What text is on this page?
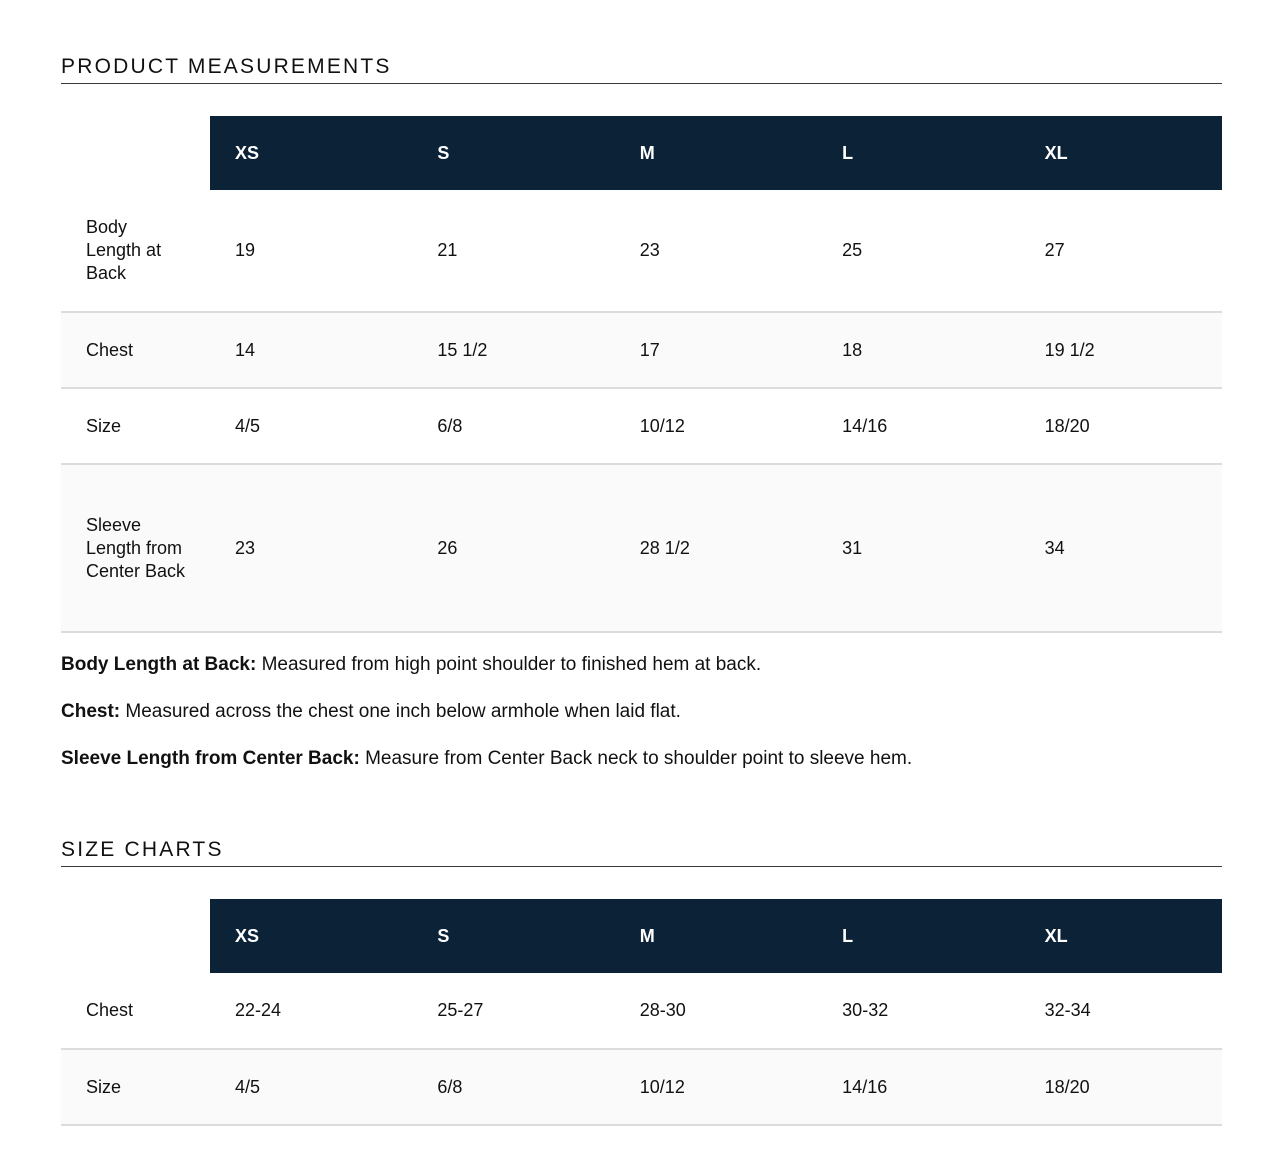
PRODUCT MEASUREMENTS
	XS	S	M	L	XL
Body Length at Back	19	21	23	25	27
Chest	14	15 1/2	17	18	19 1/2
Size	4/5	6/8	10/12	14/16	18/20
Sleeve Length from Center Back	23	26	28 1/2	31	34

Body Length at Back: Measured from high point shoulder to finished hem at back.

Chest: Measured across the chest one inch below armhole when laid flat.

Sleeve Length from Center Back: Measure from Center Back neck to shoulder point to sleeve hem.

SIZE CHARTS
	XS	S	M	L	XL
Chest	22-24	25-27	28-30	30-32	32-34
Size	4/5	6/8	10/12	14/16	18/20
